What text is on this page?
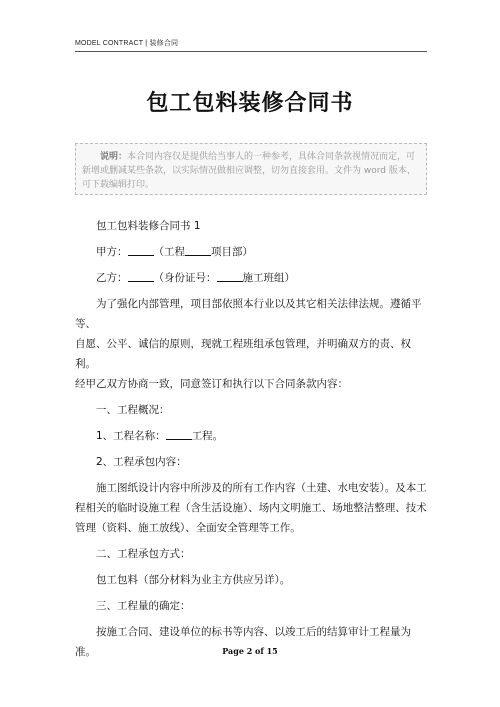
MODEL CONTRACT | 装修合同
包工包料装修合同书
说明：本合同内容仅是提供给当事人的一种参考，具体合同条款视情况而定，可新增或删减某些条款，以实际情况做相应调整，切勿直接套用。文件为 word 版本，可下载编辑打印。

包工包料装修合同书 1

甲方： （工程 项目部）

乙方： （身份证号： 施工班组）

为了强化内部管理，项目部依照本行业以及其它相关法律法规。遵循平等、

自愿、公平、诚信的原则，现就工程班组承包管理，并明确双方的责、权利。

经甲乙双方协商一致，同意签订和执行以下合同条款内容：

一、工程概况：

1、工程名称： 工程。

2、工程承包内容：

施工图纸设计内容中所涉及的所有工作内容（土建、水电安装）。及本工

程相关的临时设施工程（含生活设施）、场内文明施工、场地整洁整理、技术

管理（资料、施工放线）、全面安全管理等工作。

二、工程承包方式：

包工包料（部分材料为业主方供应另详）。

三、工程量的确定：

按施工合同、建设单位的标书等内容、以竣工后的结算审计工程量为准。	Page 2 of 15
